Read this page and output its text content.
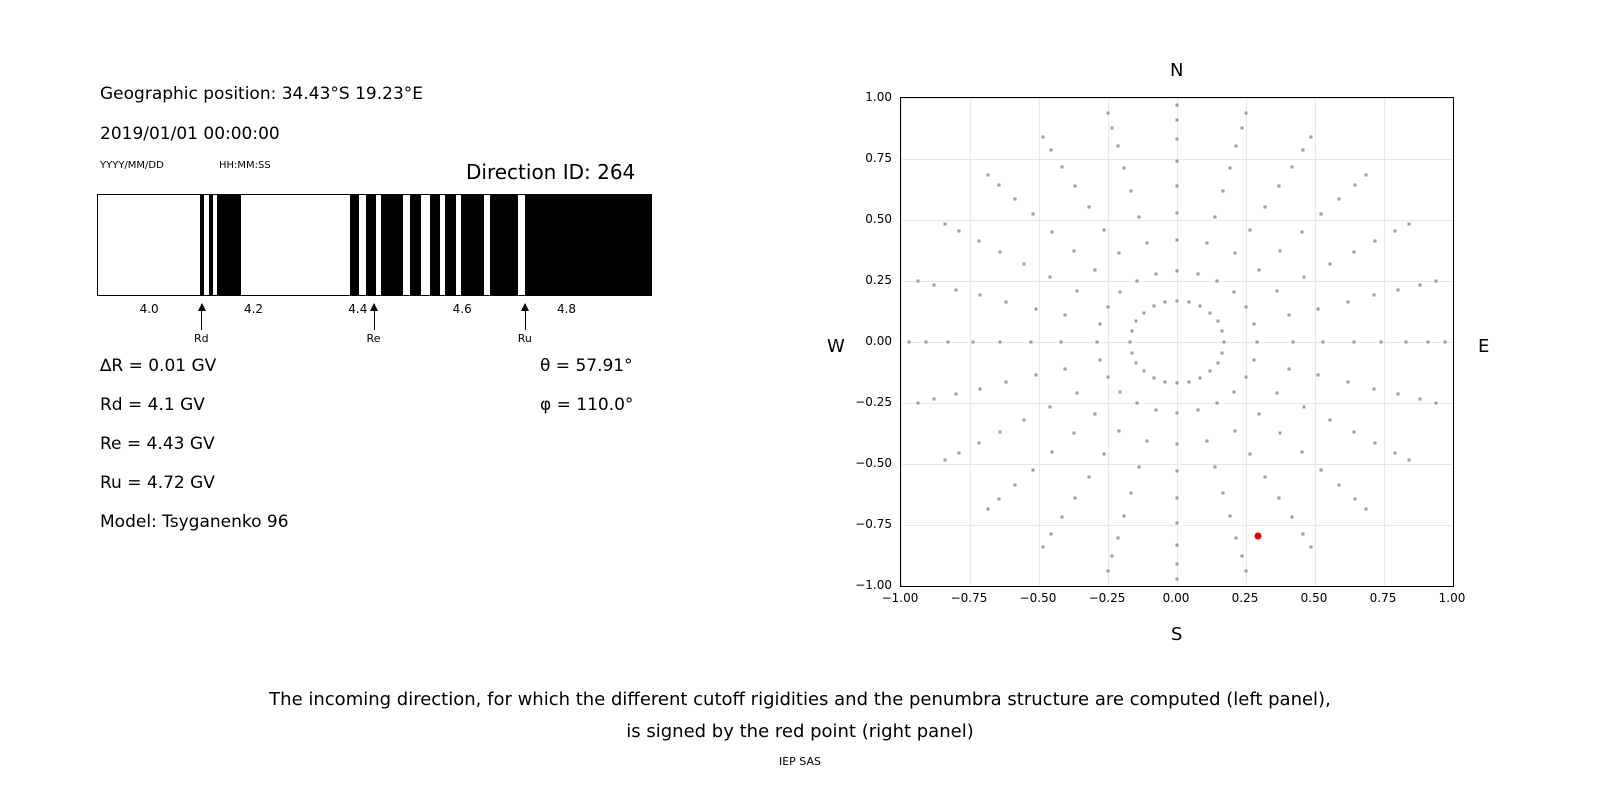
Geographic position: 34.43°S 19.23°E
2019/01/01 00:00:00
YYYY/MM/DD	HH:MM:SS	Direction ID: 264
4.0	4.2	4.4	4.6	4.8
Rd	Re	Ru
∆R = 0.01 GV
Rd = 4.1 GV
Re = 4.43 GV
Ru = 4.72 GV
Model: Tsyganenko 96
θ = 57.91°
φ = 110.0°
−1.00	−0.75	−0.50	−0.25	0.00	0.25	0.50	0.75	1.00
−1.00
−0.75
−0.50
−0.25
0.00
0.25
0.50
0.75
1.00
N
S
W	E
The incoming direction, for which the different cutoff rigidities and the penumbra structure are computed (left panel),
is signed by the red point (right panel)
IEP SAS
